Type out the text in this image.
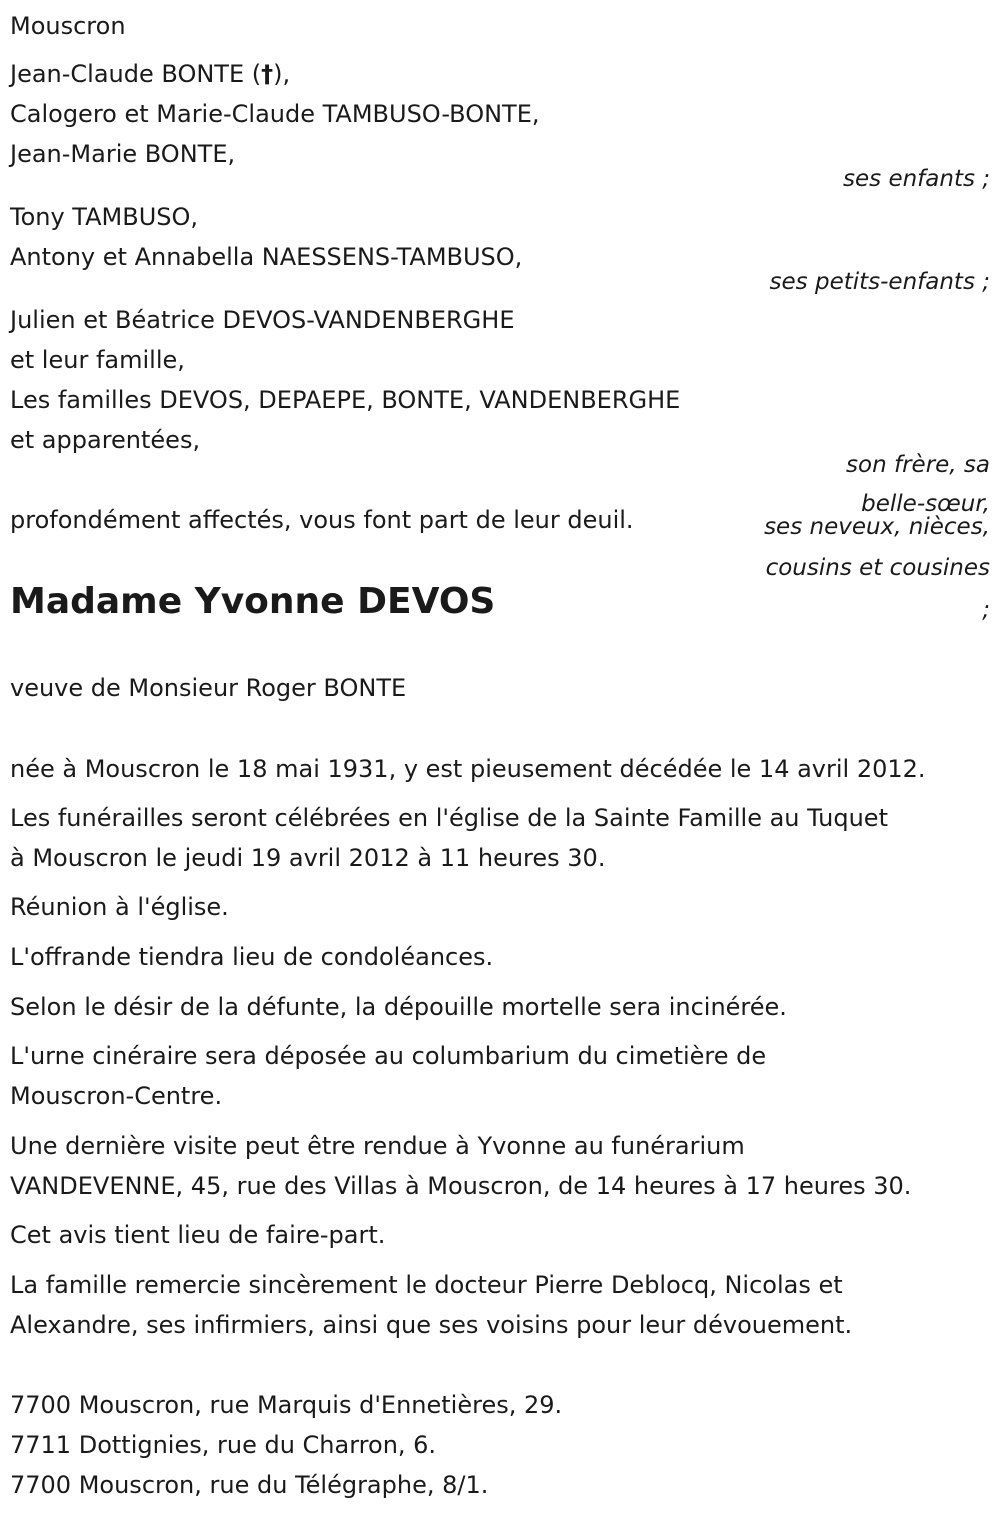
Mouscron
Jean-Claude BONTE (†),
Calogero et Marie-Claude TAMBUSO-BONTE,
Jean-Marie BONTE,
ses enfants ;
Tony TAMBUSO,
Antony et Annabella NAESSENS-TAMBUSO,
ses petits-enfants ;
Julien et Béatrice DEVOS-VANDENBERGHE
et leur famille,
Les familles DEVOS, DEPAEPE, BONTE, VANDENBERGHE
et apparentées,
son frère, sa
belle-sœur,
ses neveux, nièces,
cousins et cousines
;
profondément affectés, vous font part de leur deuil.
Madame Yvonne DEVOS
veuve de Monsieur Roger BONTE
née à Mouscron le 18 mai 1931, y est pieusement décédée le 14 avril 2012.
Les funérailles seront célébrées en l'église de la Sainte Famille au Tuquet
à Mouscron le jeudi 19 avril 2012 à 11 heures 30.
Réunion à l'église.
L'offrande tiendra lieu de condoléances.
Selon le désir de la défunte, la dépouille mortelle sera incinérée.
L'urne cinéraire sera déposée au columbarium du cimetière de
Mouscron-Centre.
Une dernière visite peut être rendue à Yvonne au funérarium
VANDEVENNE, 45, rue des Villas à Mouscron, de 14 heures à 17 heures 30.
Cet avis tient lieu de faire-part.
La famille remercie sincèrement le docteur Pierre Deblocq, Nicolas et
Alexandre, ses infirmiers, ainsi que ses voisins pour leur dévouement.
7700 Mouscron, rue Marquis d'Ennetières, 29.
7711 Dottignies, rue du Charron, 6.
7700 Mouscron, rue du Télégraphe, 8/1.
